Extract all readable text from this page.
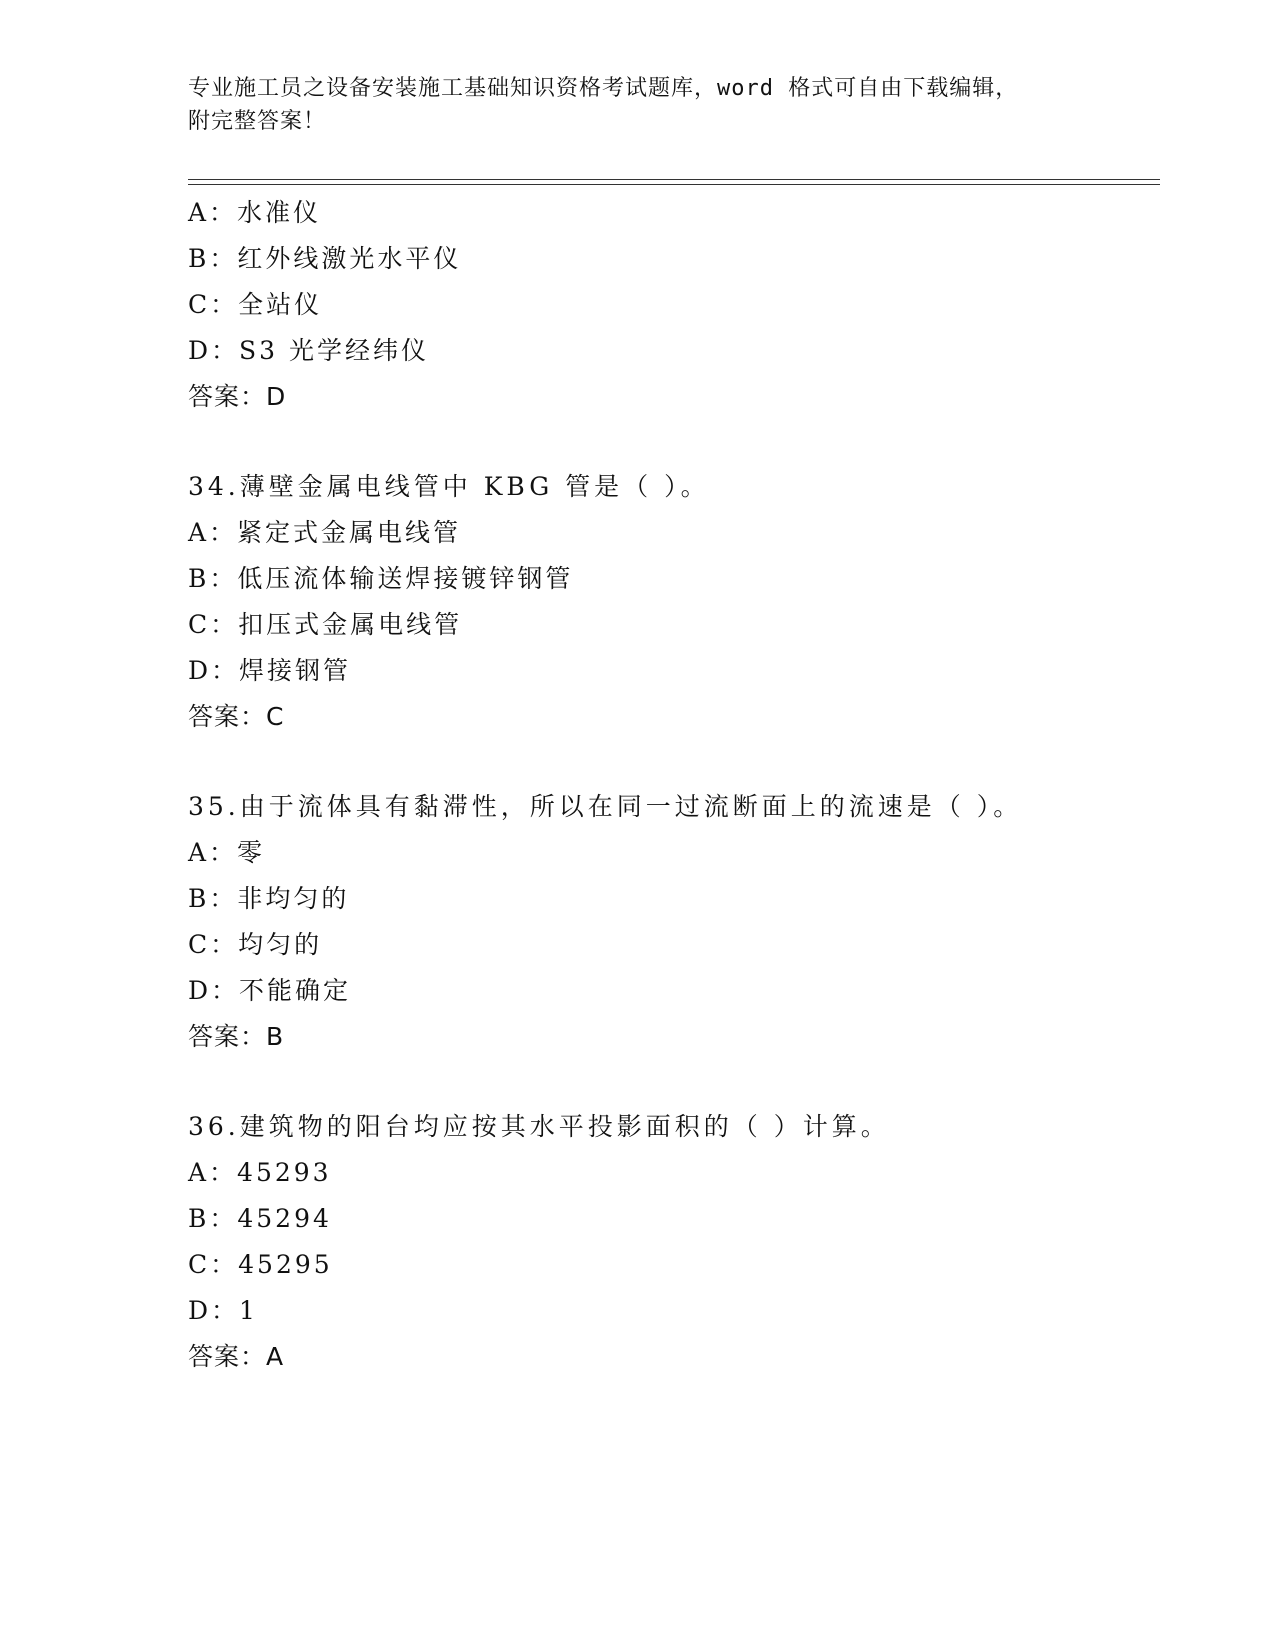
专业施工员之设备安装施工基础知识资格考试题库，word 格式可自由下载编辑，
附完整答案！
A：水准仪
B：红外线激光水平仪
C：全站仪
D：S3 光学经纬仪
答案：D
34.薄壁金属电线管中 KBG 管是（ ）。
A：紧定式金属电线管
B：低压流体输送焊接镀锌钢管
C：扣压式金属电线管
D：焊接钢管
答案：C
35.由于流体具有黏滞性，所以在同一过流断面上的流速是（ ）。
A：零
B：非均匀的
C：均匀的
D：不能确定
答案：B
36.建筑物的阳台均应按其水平投影面积的（ ）计算。
A：45293
B：45294
C：45295
D：1
答案：A
